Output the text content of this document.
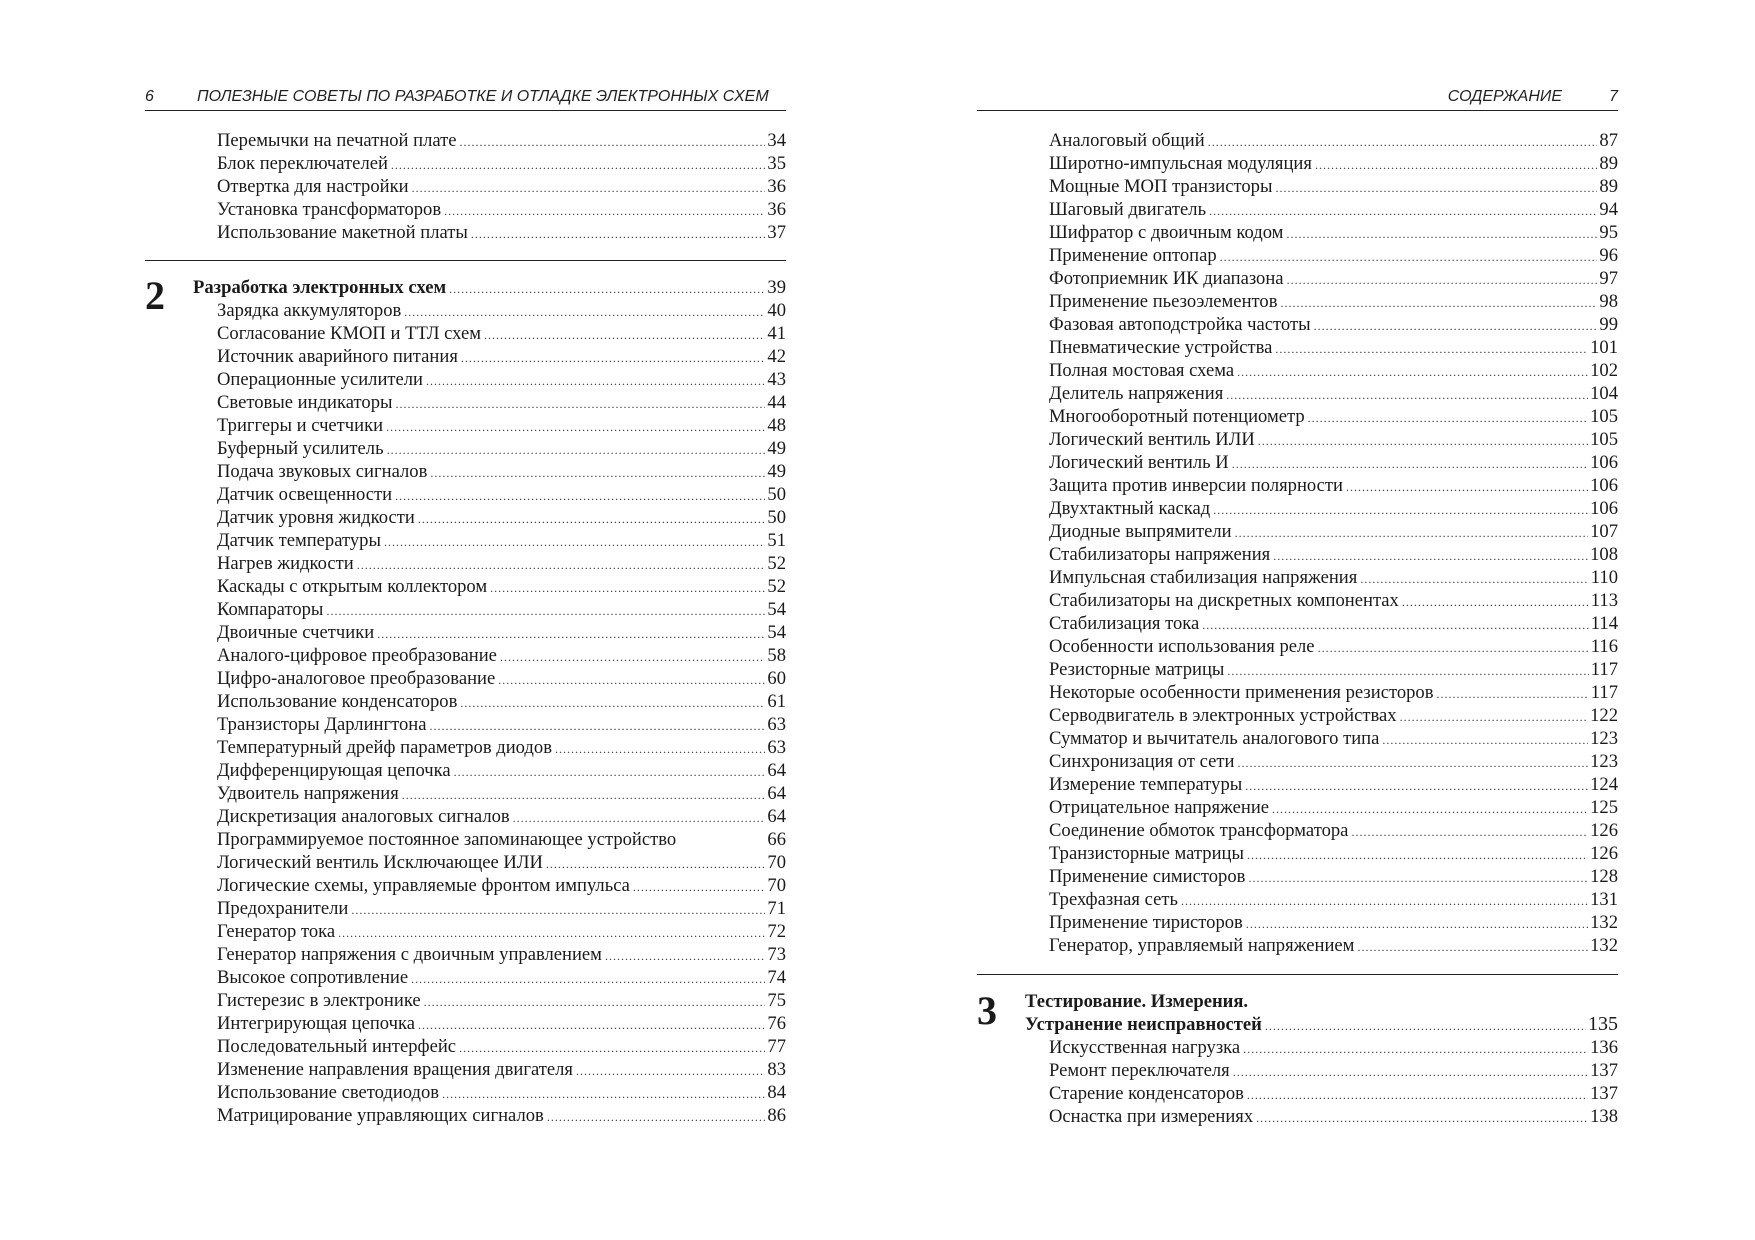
6	ПОЛЕЗНЫЕ СОВЕТЫ ПО РАЗРАБОТКЕ И ОТЛАДКЕ ЭЛЕКТРОННЫХ СХЕМ
Перемычки на печатной плате .....	34
Блок переключателей .....	35
Отвертка для настройки .....	36
Установка трансформаторов .....	36
Использование макетной платы .....	37
2 Разработка электронных схем .....	39
Зарядка аккумуляторов .....	40
Согласование КМОП и ТТЛ схем .....	41
Источник аварийного питания .....	42
Операционные усилители .....	43
Световые индикаторы .....	44
Триггеры и счетчики .....	48
Буферный усилитель .....	49
Подача звуковых сигналов .....	49
Датчик освещенности .....	50
Датчик уровня жидкости .....	50
Датчик температуры .....	51
Нагрев жидкости .....	52
Каскады с открытым коллектором .....	52
Компараторы .....	54
Двоичные счетчики .....	54
Аналого-цифровое преобразование .....	58
Цифро-аналоговое преобразование .....	60
Использование конденсаторов .....	61
Транзисторы Дарлингтона .....	63
Температурный дрейф параметров диодов .....	63
Дифференцирующая цепочка .....	64
Удвоитель напряжения .....	64
Дискретизация аналоговых сигналов .....	64
Программируемое постоянное запоминающее устройство	66
Логический вентиль Исключающее ИЛИ .....	70
Логические схемы, управляемые фронтом импульса .....	70
Предохранители .....	71
Генератор тока .....	72
Генератор напряжения с двоичным управлением .....	73
Высокое сопротивление .....	74
Гистерезис в электронике .....	75
Интегрирующая цепочка .....	76
Последовательный интерфейс .....	77
Изменение направления вращения двигателя .....	83
Использование светодиодов .....	84
Матрицирование управляющих сигналов .....	86
СОДЕРЖАНИЕ	7
Аналоговый общий .....	87
Широтно-импульсная модуляция .....	89
Мощные МОП транзисторы .....	89
Шаговый двигатель .....	94
Шифратор с двоичным кодом .....	95
Применение оптопар .....	96
Фотоприемник ИК диапазона .....	97
Применение пьезоэлементов .....	98
Фазовая автоподстройка частоты .....	99
Пневматические устройства .....	101
Полная мостовая схема .....	102
Делитель напряжения .....	104
Многооборотный потенциометр .....	105
Логический вентиль ИЛИ .....	105
Логический вентиль И .....	106
Защита против инверсии полярности .....	106
Двухтактный каскад .....	106
Диодные выпрямители .....	107
Стабилизаторы напряжения .....	108
Импульсная стабилизация напряжения .....	110
Стабилизаторы на дискретных компонентах .....	113
Стабилизация тока .....	114
Особенности использования реле .....	116
Резисторные матрицы .....	117
Некоторые особенности применения резисторов .....	117
Серводвигатель в электронных устройствах .....	122
Сумматор и вычитатель аналогового типа .....	123
Синхронизация от сети .....	123
Измерение температуры .....	124
Отрицательное напряжение .....	125
Соединение обмоток трансформатора .....	126
Транзисторные матрицы .....	126
Применение симисторов .....	128
Трехфазная сеть .....	131
Применение тиристоров .....	132
Генератор, управляемый напряжением .....	132
3 Тестирование. Измерения.
Устранение неисправностей .....	135
Искусственная нагрузка .....	136
Ремонт переключателя .....	137
Старение конденсаторов .....	137
Оснастка при измерениях .....	138
